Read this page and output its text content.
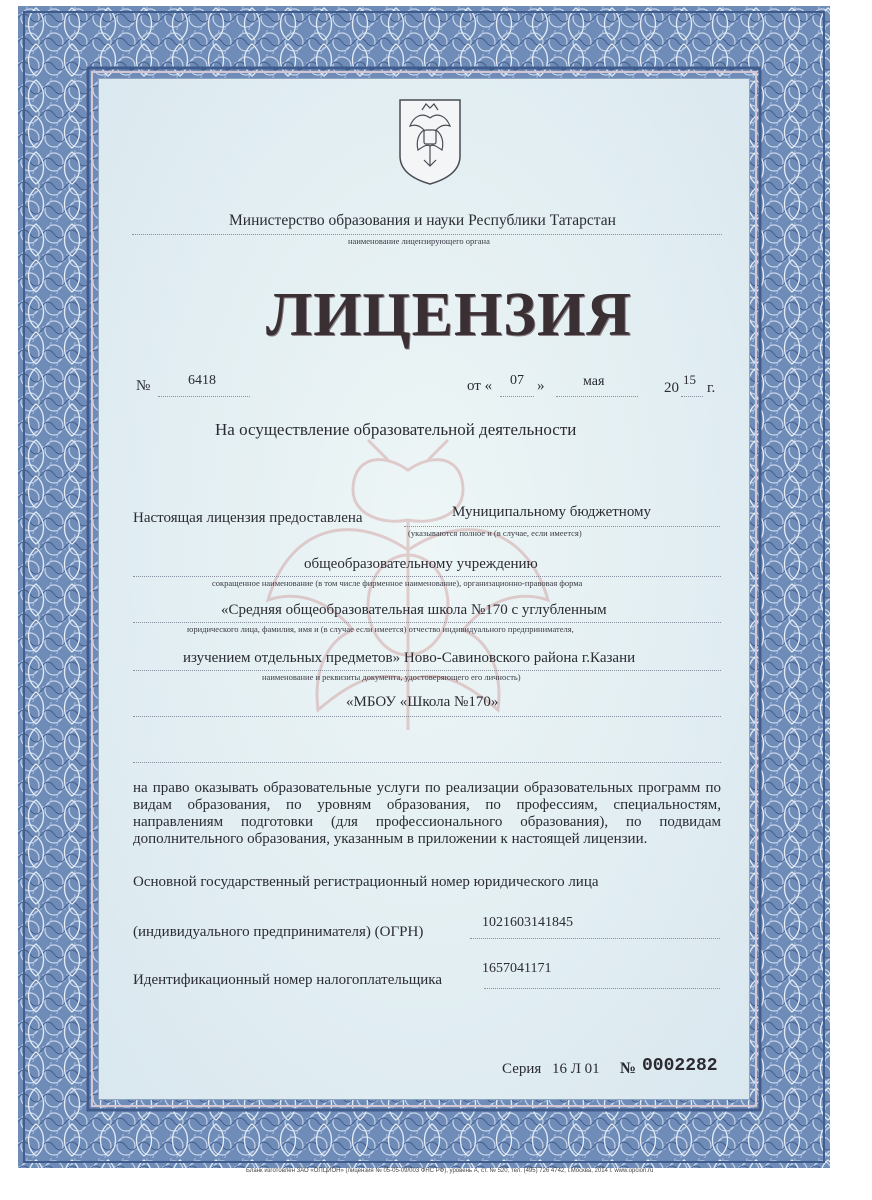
Министерство образования и науки Республики Татарстан
наименование лицензирующего органа
ЛИЦЕНЗИЯ
№	6418	от « 07 »	мая	20
15
г.
На осуществление образовательной деятельности
Настоящая лицензия предоставлена	Муниципальному бюджетному
(указываются полное и (в случае, если имеется)
общеобразовательному учреждению
сокращенное наименование (в том числе фирменное наименование), организационно-правовая форма
«Средняя общеобразовательная школа №170 с углубленным
юридического лица, фамилия, имя и (в случае если имеется) отчество индивидуального предпринимателя,
изучением отдельных предметов» Ново-Савиновского района г.Казани
наименование и реквизиты документа, удостоверяющего его личность)
«МБОУ «Школа №170»
на право оказывать образовательные услуги по реализации образовательных программ по видам образования, по уровням образования, по профессиям, специальностям, направлениям подготовки (для профессионального образования), по подвидам дополнительного образования, указанным в приложении к настоящей лицензии.
Основной государственный регистрационный номер юридического лица
(индивидуального предпринимателя) (ОГРН)
1021603141845
Идентификационный номер налогоплательщика
1657041171
Серия 16 Л 01 № 0002282
Бланк изготовлен ЗАО «ОПЦИОН» (лицензия № 05-05-09/003 ФНС РФ), уровень А, ст. № 520, тел. (495) 726 4742, г.Москва, 2014 г. www.opcion.ru
